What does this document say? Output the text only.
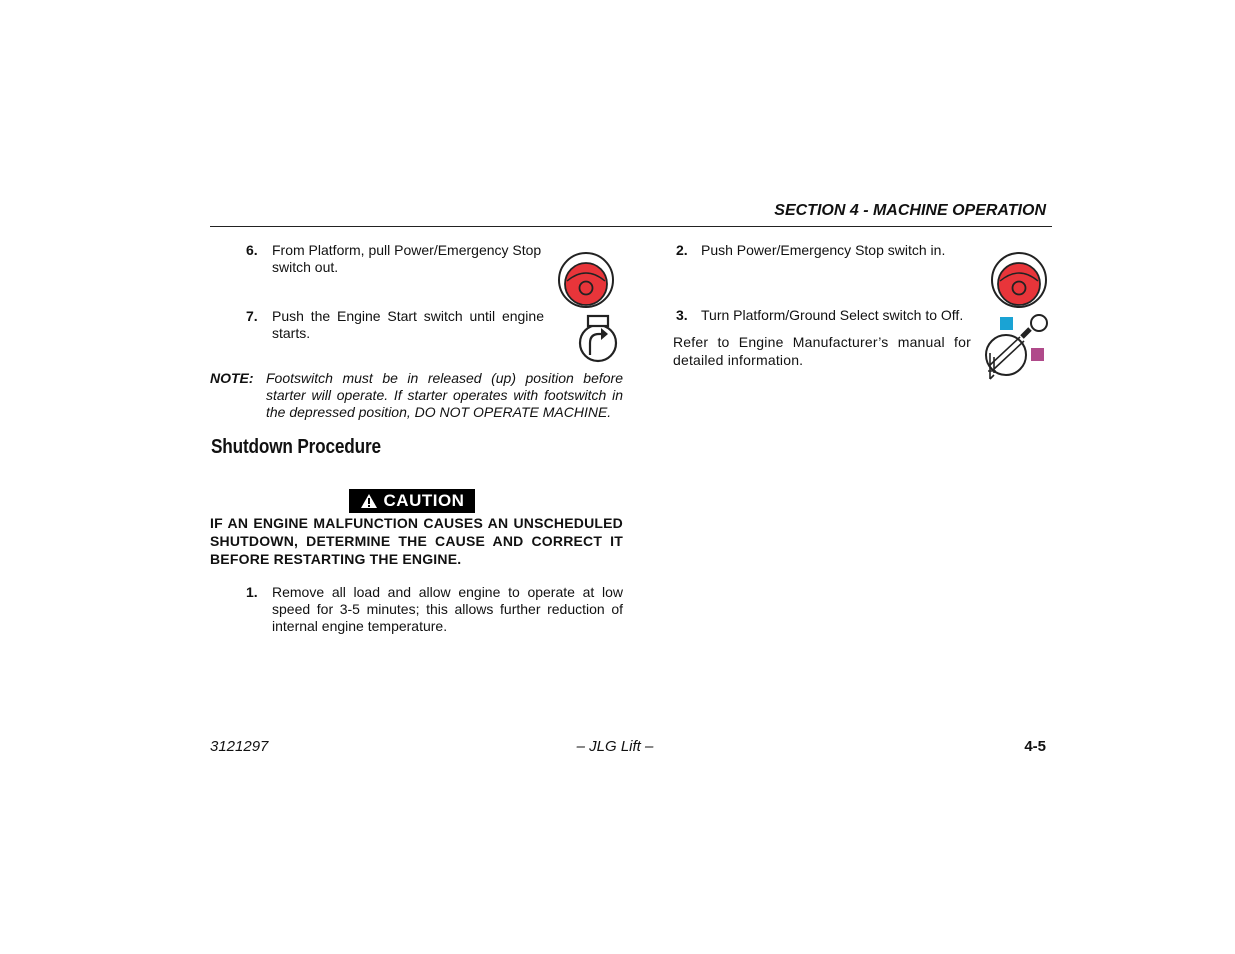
SECTION 4 - MACHINE OPERATION
6. From Platform, pull Power/Emergency Stop switch out.
7. Push the Engine Start switch until engine starts.
NOTE: Footswitch must be in released (up) position before starter will operate. If starter operates with footswitch in the depressed position, DO NOT OPERATE MACHINE.
Shutdown Procedure
CAUTION
IF AN ENGINE MALFUNCTION CAUSES AN UNSCHEDULED SHUTDOWN, DETERMINE THE CAUSE AND CORRECT IT BEFORE RESTARTING THE ENGINE.
1. Remove all load and allow engine to operate at low speed for 3-5 minutes; this allows further reduction of internal engine temperature.
2. Push Power/Emergency Stop switch in.
3. Turn Platform/Ground Select switch to Off.
Refer to Engine Manufacturer’s manual for detailed information.
3121297	– JLG Lift –	4-5
